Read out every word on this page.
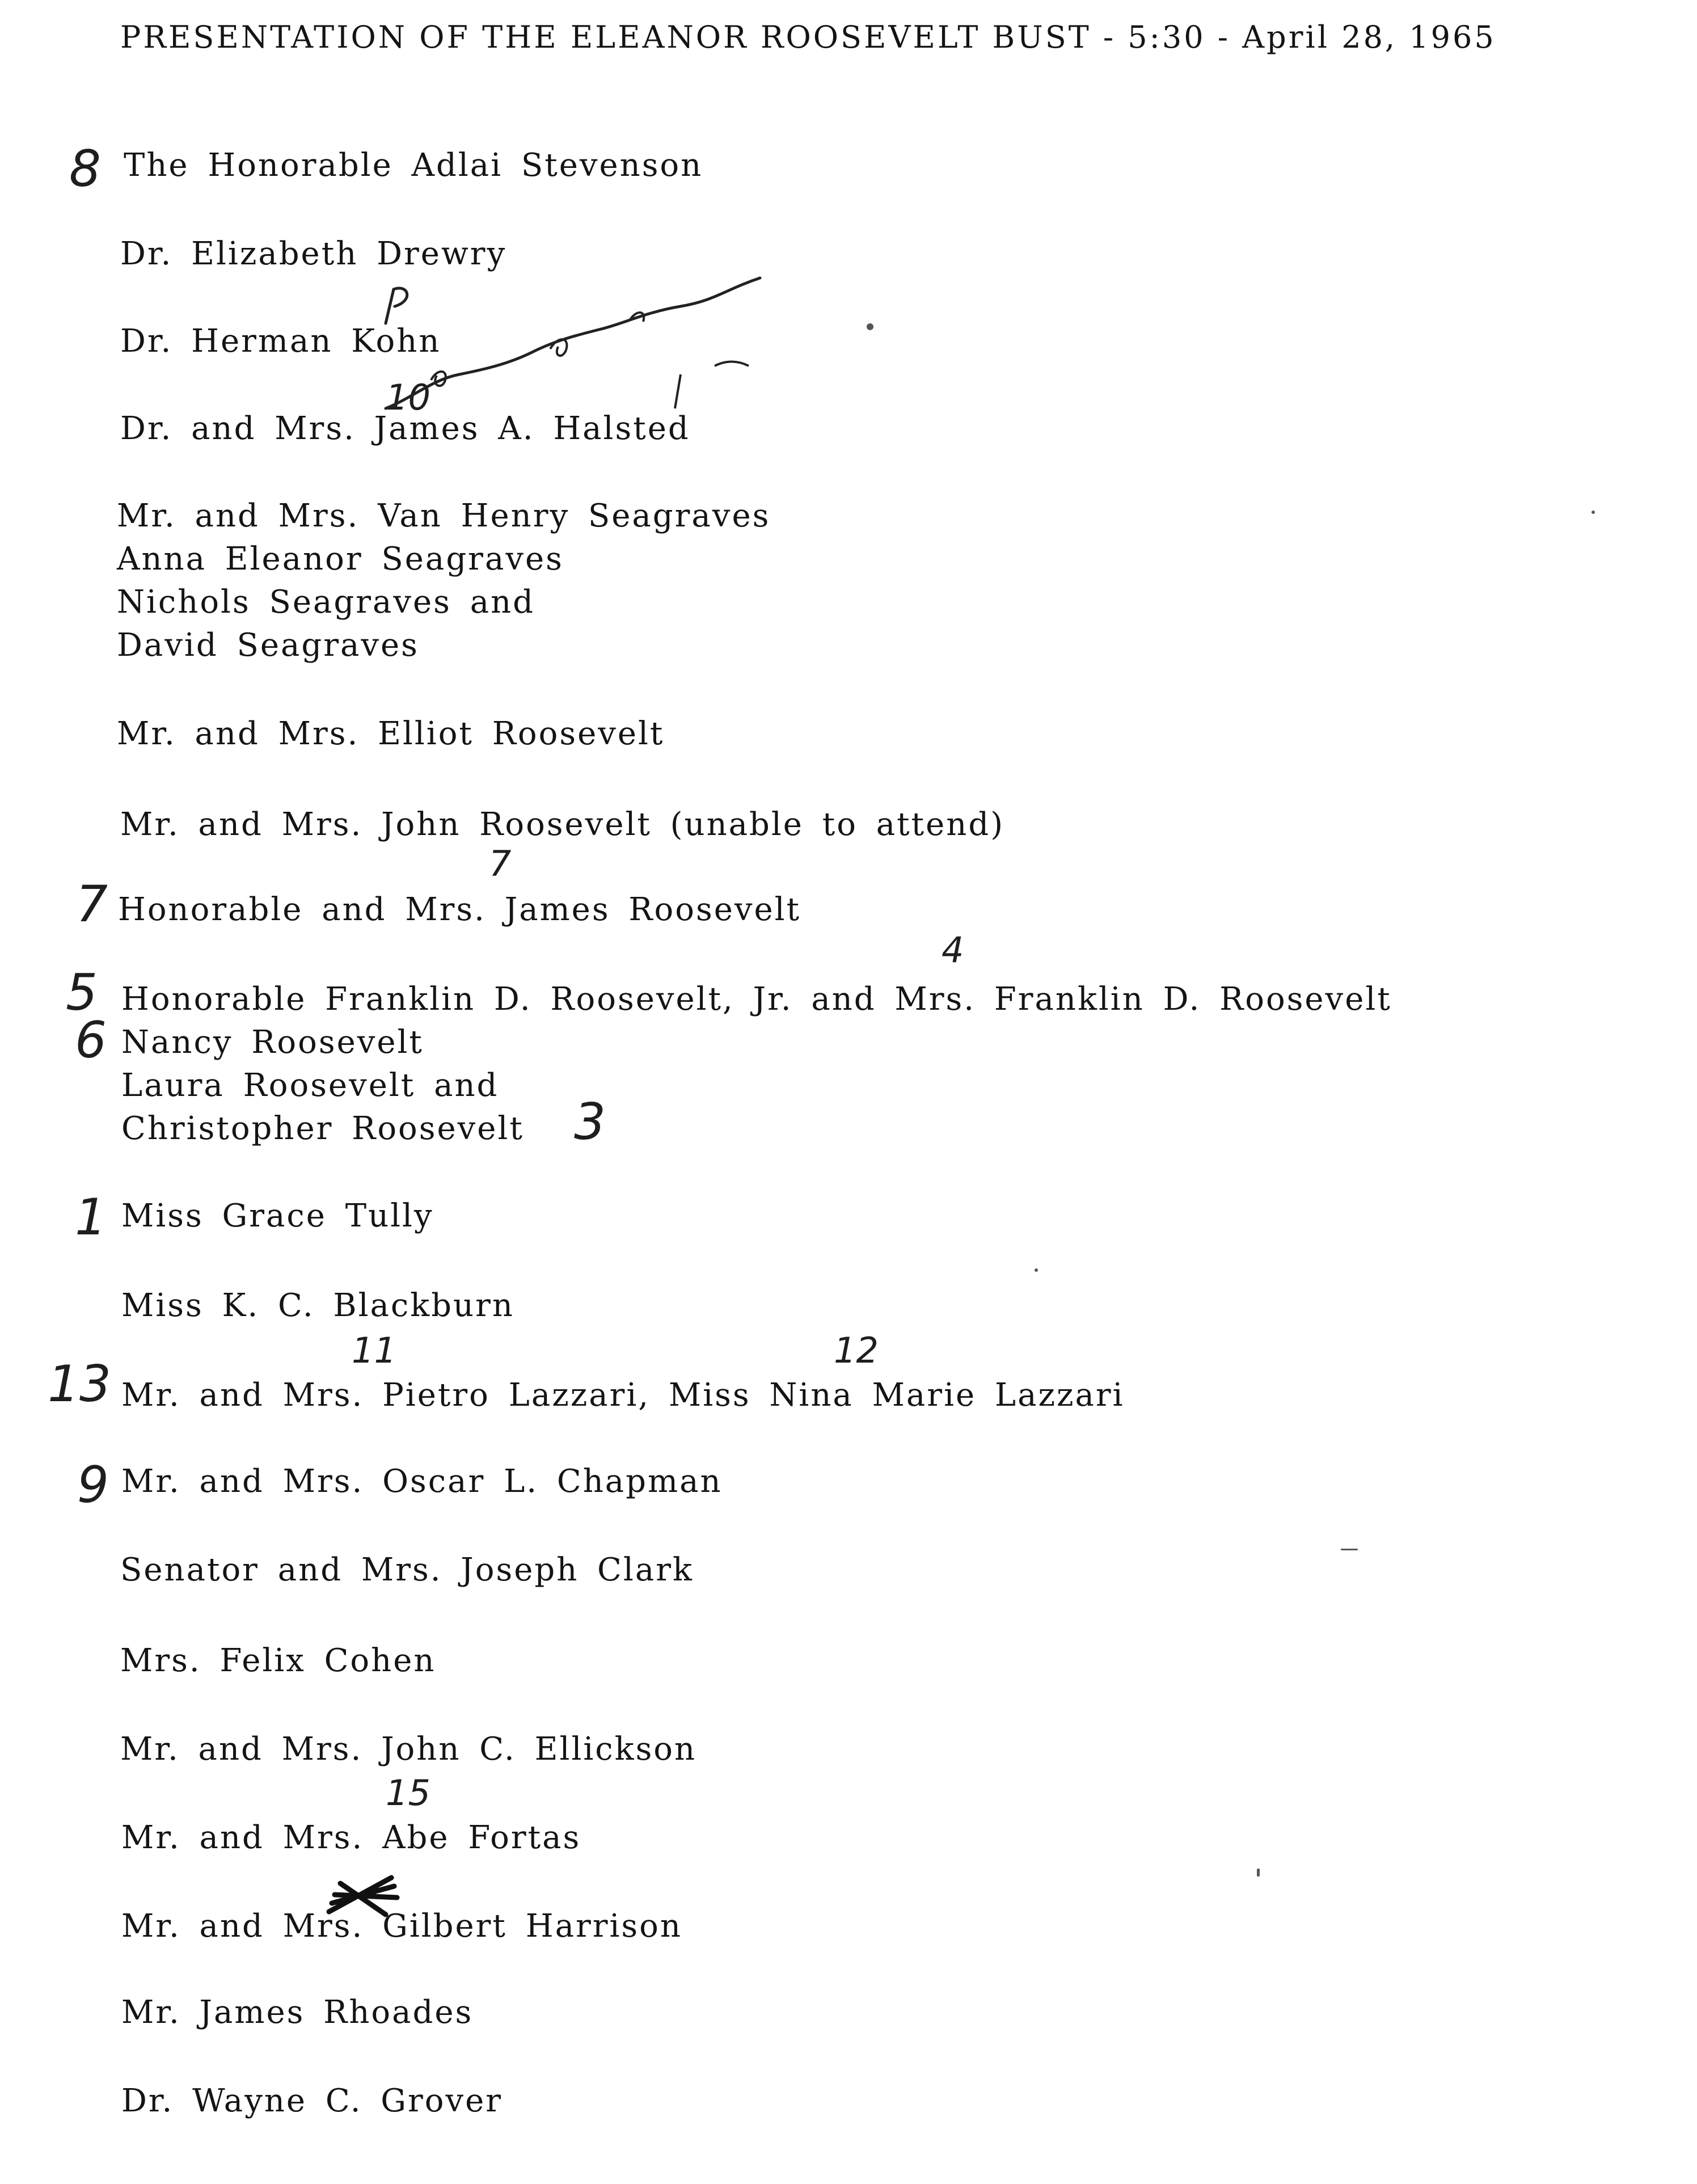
PRESENTATION OF THE ELEANOR ROOSEVELT BUST - 5:30 - April 28, 1965
The Honorable Adlai Stevenson
Dr. Elizabeth Drewry
Dr. Herman Kohn
Dr. and Mrs. James A. Halsted
Mr. and Mrs. Van Henry Seagraves
Anna Eleanor Seagraves
Nichols Seagraves and
David Seagraves
Mr. and Mrs. Elliot Roosevelt
Mr. and Mrs. John Roosevelt (unable to attend)
Honorable and Mrs. James Roosevelt
Honorable Franklin D. Roosevelt, Jr. and Mrs. Franklin D. Roosevelt
Nancy Roosevelt
Laura Roosevelt and
Christopher Roosevelt
Miss Grace Tully
Miss K. C. Blackburn
Mr. and Mrs. Pietro Lazzari, Miss Nina Marie Lazzari
Mr. and Mrs. Oscar L. Chapman
Senator and Mrs. Joseph Clark
Mrs. Felix Cohen
Mr. and Mrs. John C. Ellickson
Mr. and Mrs. Abe Fortas
Mr. and Mrs. Gilbert Harrison
Mr. James Rhoades
Dr. Wayne C. Grover
8
7
5
6
3
1
13
9
10
7
4
11	12
15
